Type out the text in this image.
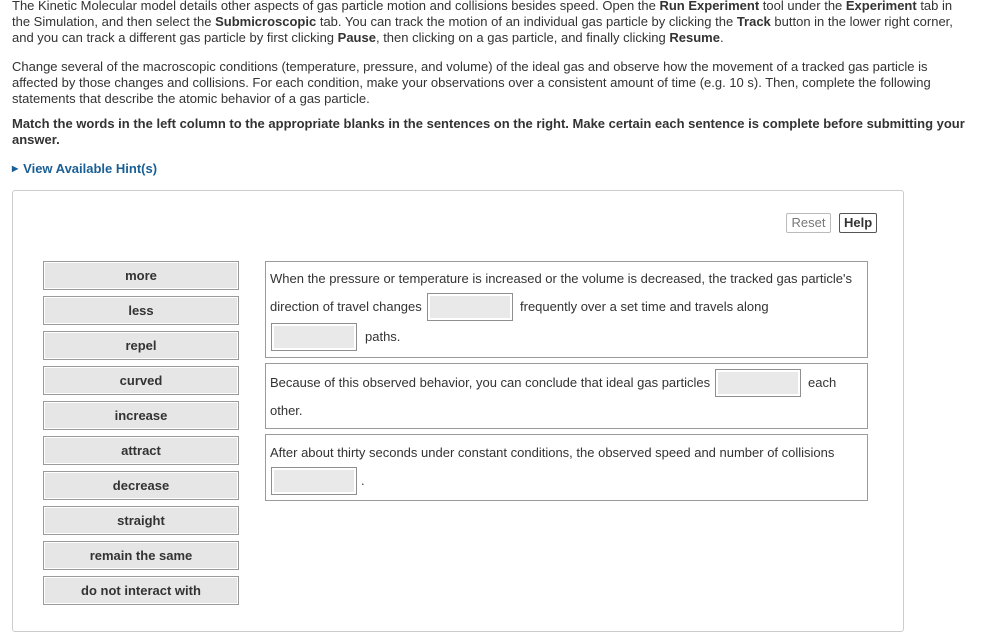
The Kinetic Molecular model details other aspects of gas particle motion and collisions besides speed. Open the Run Experiment tool under the Experiment tab in the Simulation, and then select the Submicroscopic tab. You can track the motion of an individual gas particle by clicking the Track button in the lower right corner, and you can track a different gas particle by first clicking Pause, then clicking on a gas particle, and finally clicking Resume.

Change several of the macroscopic conditions (temperature, pressure, and volume) of the ideal gas and observe how the movement of a tracked gas particle is affected by those changes and collisions. For each condition, make your observations over a consistent amount of time (e.g. 10 s). Then, complete the following statements that describe the atomic behavior of a gas particle.

Match the words in the left column to the appropriate blanks in the sentences on the right. Make certain each sentence is complete before submitting your answer.

▶ View Available Hint(s)
Reset	Help
more
less
repel
curved
increase
attract
decrease
straight
remain the same
do not interact with
When the pressure or temperature is increased or the volume is decreased, the tracked gas particle's
direction of travel changes	frequently over a set time and travels along
paths.
Because of this observed behavior, you can conclude that ideal gas particles	each
other.
After about thirty seconds under constant conditions, the observed speed and number of collisions
.
